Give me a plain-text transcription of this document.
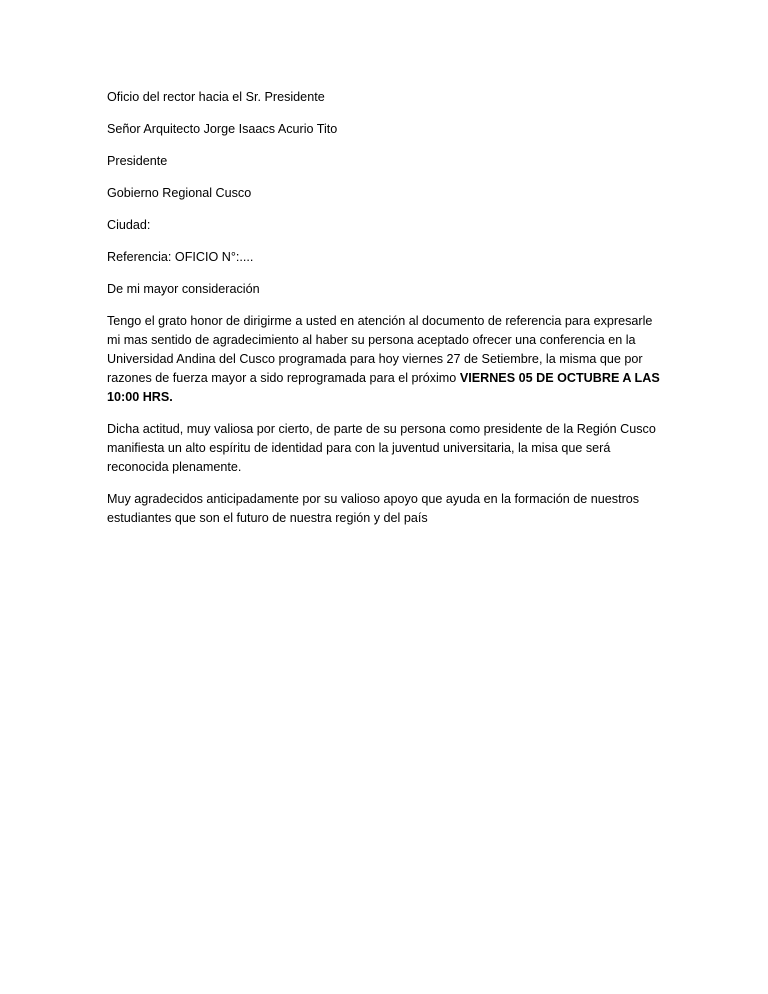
Oficio del rector hacia el Sr. Presidente
Señor Arquitecto Jorge Isaacs Acurio Tito
Presidente
Gobierno Regional Cusco
Ciudad:
Referencia: OFICIO N°:....
De mi mayor consideración
Tengo el grato honor de dirigirme a usted en atención al documento de referencia para expresarle
mi mas sentido de agradecimiento al haber su persona aceptado ofrecer una conferencia en la
Universidad Andina del Cusco programada para hoy viernes 27 de Setiembre, la misma que por
razones de fuerza mayor a sido reprogramada para el próximo VIERNES 05 DE OCTUBRE A LAS
10:00 HRS.
Dicha actitud, muy valiosa por cierto, de parte de su persona como presidente de la Región Cusco
manifiesta un alto espíritu de identidad para con la juventud universitaria, la misa que será
reconocida plenamente.
Muy agradecidos anticipadamente por su valioso apoyo que ayuda en la formación de nuestros
estudiantes que son el futuro de nuestra región y del país
